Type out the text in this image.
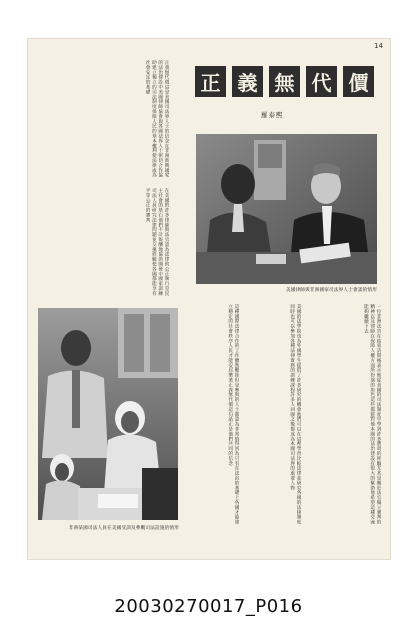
14
正義無代價這是美國司法界人士的信念在非洲新興國家的法治建設中美國律師協會與各國法界人士密切合作協助建立獨立的司法制度保障人民的基本權利使法律成為社會安定的基礎
在美國的許多律師與法官認為法律的公正執行是民主社會的基石他們不計報酬地協助開發中國家訓練司法人員研究法律問題並交換經驗使各國都能享有平等公正的審判
正 義 無 代 價
羅泰熙
美國律師與非洲國家司法界人士會談的情形
非洲某國司法人員在美國受訓及參觀司法設施的情形
一位非洲法官在結束訪問後表示他從美國的司法制度中學到許多寶貴的經驗尤其是關於法官獨立審判的精神以及律師在保障人權方面所扮演的角色這些都將對他本國的法治建設有很大的幫助他希望這種交流能夠繼續下去
美國的法學院也為外國學生提供了許多研究的機會他們可以在這裡學習比較法律並研究各國的法律制度同時也可以參加各種法律實務的訓練課程許多人回國之後都成為本國司法界的重要人物
這種國際法律合作的工作雖然艱鉅但是參與的人士都認為非常值得因為只有在法治的基礎上各國才能建立穩定的社會秩序人民才能安居樂業正義無代價這句話正是他們共同的信念
20030270017_P016
